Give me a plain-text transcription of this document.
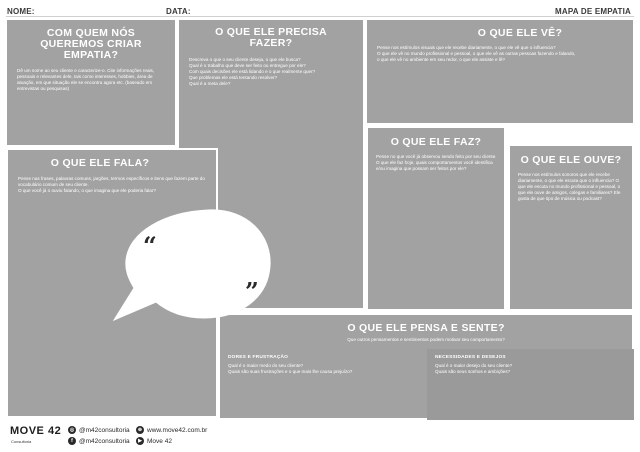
NOME:	DATA:	MAPA DE EMPATIA
COM QUEM NÓS QUEREMOS CRIAR EMPATIA?
Dê um nome ao seu cliente e caracterize-o. Cite informações reais, pessoais e relevantes dele, tais como interesses, hobbies, área de atuação, em que situação ele se encontra agora etc. (baseado em entrevistas ou pesquisas)
O QUE ELE PRECISA FAZER?
Descreva o que o seu cliente deseja, o que ele busca?
Qual é o trabalho que deve ser feito ou entregue por ele?
Com quais decisões ele está lidando e o que realmente quer?
Que problemas ele está tentando resolver?
Qual é a meta dele?
O QUE ELE VÊ?
Pense nos estímulos visuais que ele recebe diariamente, o que ele vê que o influencia?
O que ele vê no mundo profissional e pessoal, o que ele vê as outras pessoas fazendo e falando,
o que ele vê no ambiente em seu redor, o que ele assiste e lê?
O QUE ELE FALA?
Pense nas frases, palavras comuns, jargões, termos específicos e itens que fazem parte do vocabulário comum de seu cliente.
O que você já o ouviu falando, o que imagina que ele poderia falar?
O QUE ELE FAZ?
Pense no que você já observou sendo feito por seu cliente.
O que ele faz hoje, quais comportamentos você identifica e/ou imagina que possam ser feitos por ele?
O QUE ELE OUVE?
Pense nos estímulos sonoros que ele recebe diariamente, o que ele escuta que o influencia? O que ele escuta no mundo profissional e pessoal, o que ele ouve de amigos, colegas e familiares? Ele gosta de que tipo de música ou podcast?
O QUE ELE PENSA E SENTE?
Que outros pensamentos e sentimentos podem motivar seu comportamento?
DORES E FRUSTRAÇÃO
Qual é o maior medo do seu cliente?
Quais são suas frustrações e o que mais lhe causa prejuízo?
NECESSIDADES E DESEJOS
Qual é o maior desejo do seu cliente?
Quais são seus sonhos e ambições?
“
”
MOVE 42
Consultoria
◎ @m42consultoria
f @m42consultoria
⊕ www.move42.com.br
▶ Move 42
